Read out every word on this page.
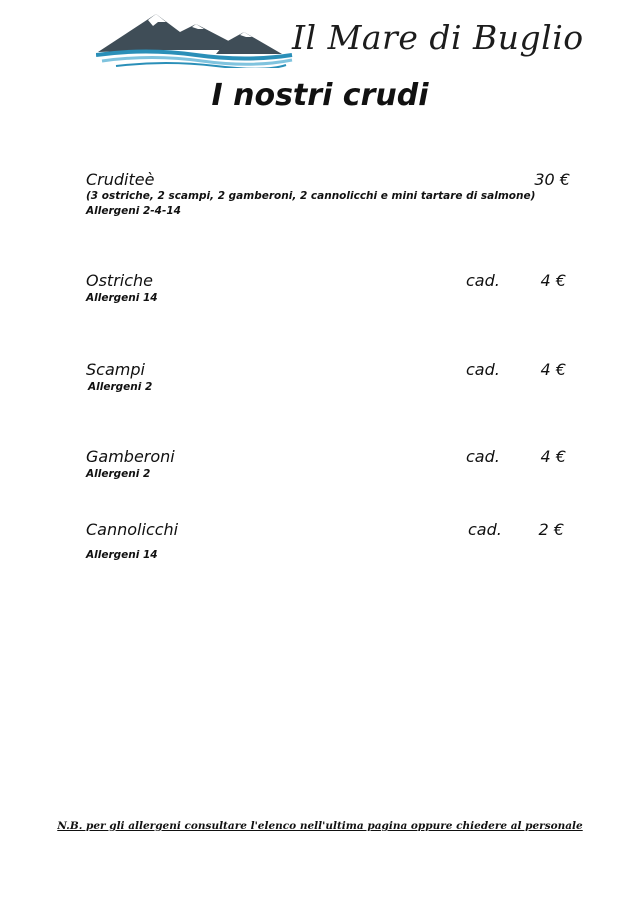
Il Mare di Buglio
I nostri crudi
Cruditeè	30 €
(3 ostriche, 2 scampi, 2 gamberoni, 2 cannolicchi e mini tartare di salmone)
Allergeni 2-4-14
Ostriche	cad.	4 €
Allergeni 14
Scampi	cad.	4 €
Allergeni 2
Gamberoni	cad.	4 €
Allergeni 2
Cannolicchi	cad.	2 €
Allergeni 14
N.B. per gli allergeni consultare l'elenco nell'ultima pagina oppure chiedere al personale
